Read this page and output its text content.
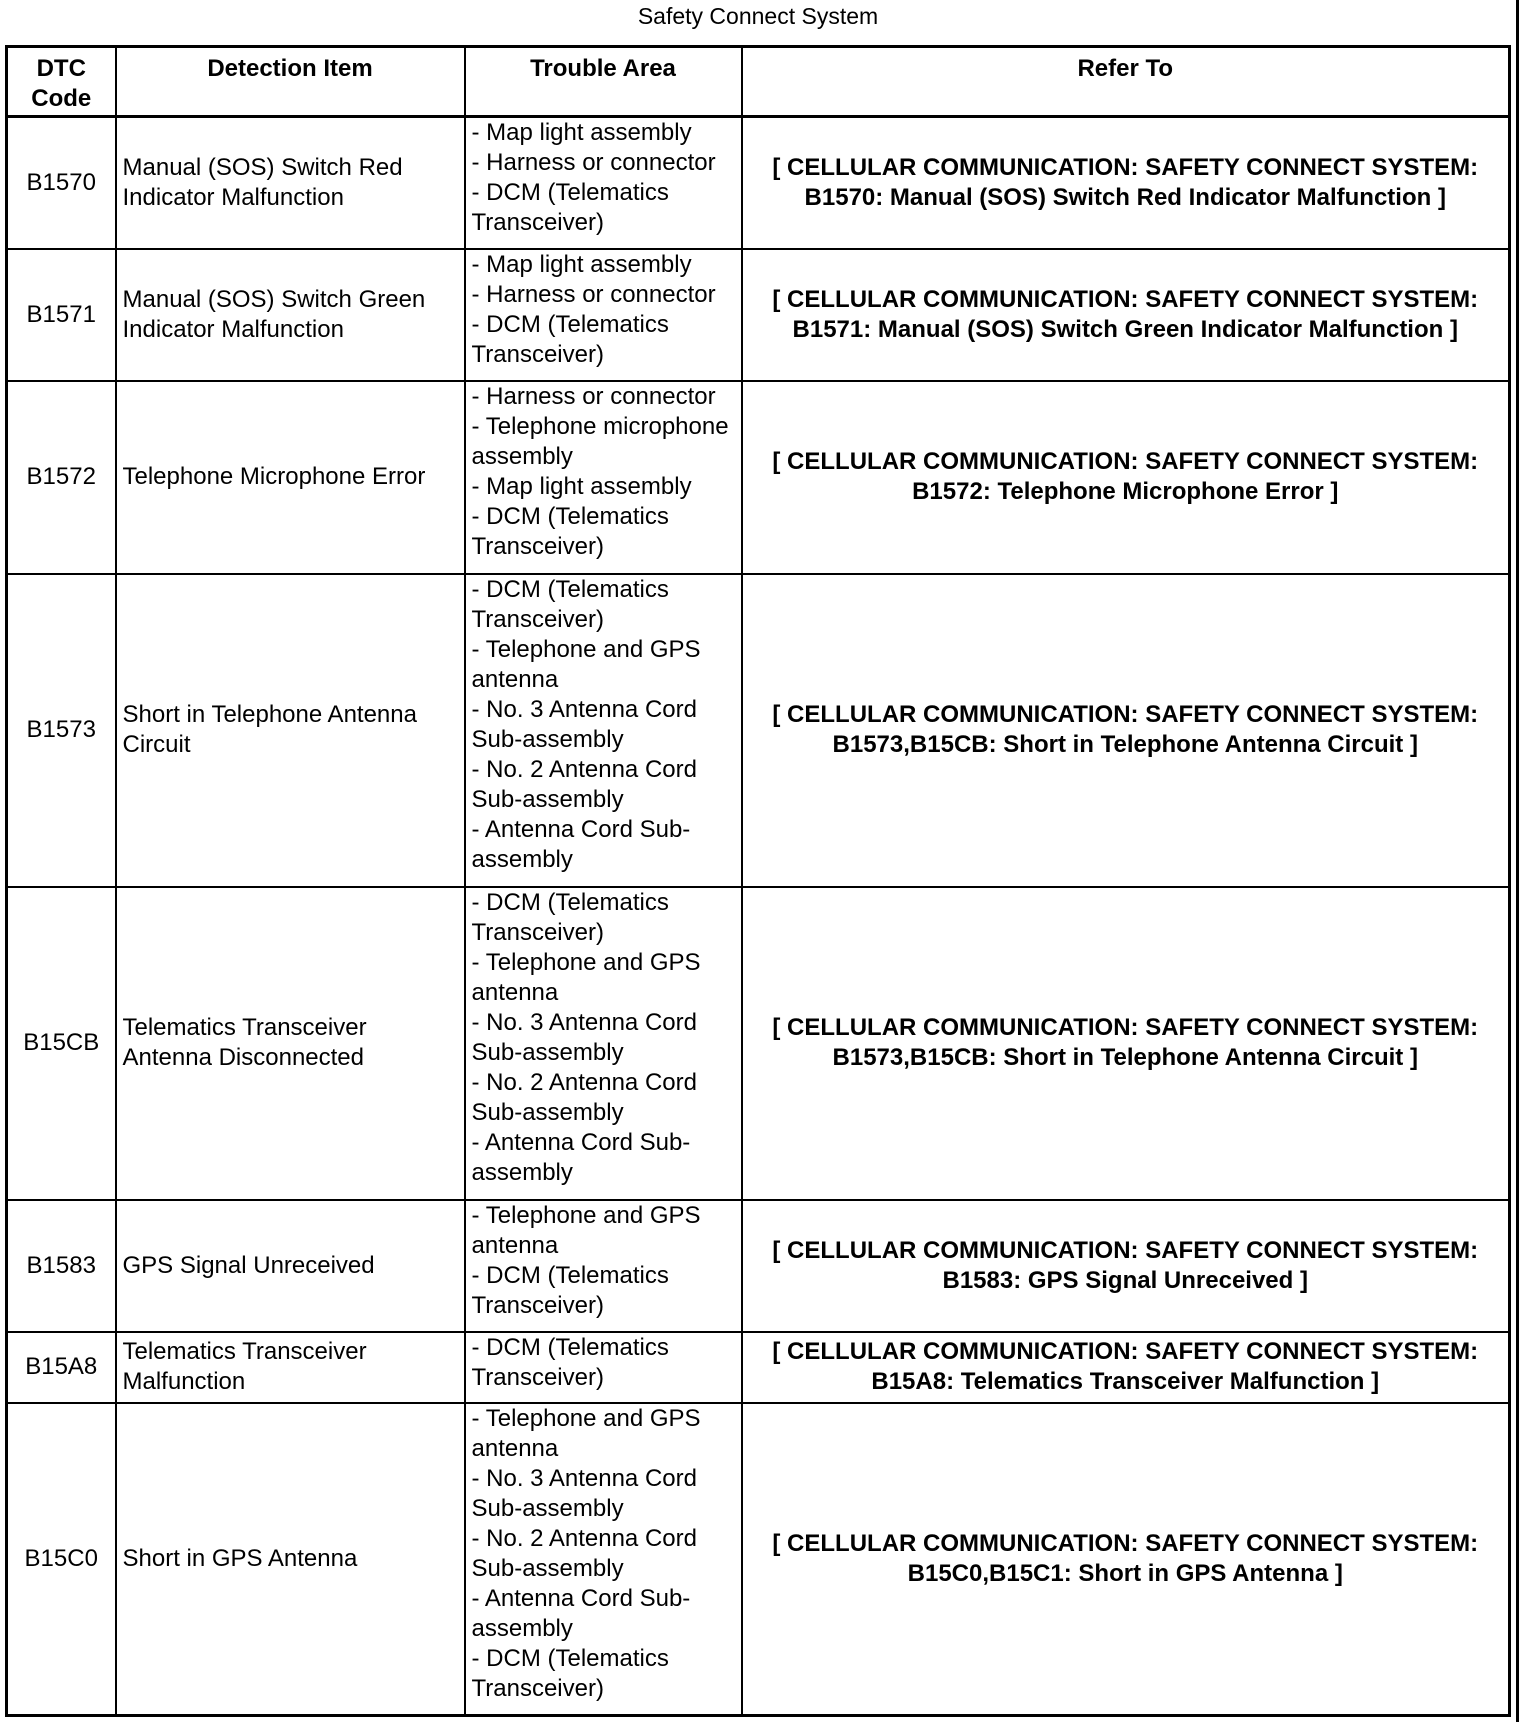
Safety Connect System
DTC Code	Detection Item	Trouble Area	Refer To
B1570	Manual (SOS) Switch Red Indicator Malfunction	- Map light assembly
- Harness or connector
- DCM (Telematics Transceiver)	[ CELLULAR COMMUNICATION: SAFETY CONNECT SYSTEM: B1570: Manual (SOS) Switch Red Indicator Malfunction ]
B1571	Manual (SOS) Switch Green Indicator Malfunction	- Map light assembly
- Harness or connector
- DCM (Telematics Transceiver)	[ CELLULAR COMMUNICATION: SAFETY CONNECT SYSTEM: B1571: Manual (SOS) Switch Green Indicator Malfunction ]
B1572	Telephone Microphone Error	- Harness or connector
- Telephone microphone assembly
- Map light assembly
- DCM (Telematics Transceiver)	[ CELLULAR COMMUNICATION: SAFETY CONNECT SYSTEM: B1572: Telephone Microphone Error ]
B1573	Short in Telephone Antenna Circuit	- DCM (Telematics Transceiver)
- Telephone and GPS antenna
- No. 3 Antenna Cord Sub-assembly
- No. 2 Antenna Cord Sub-assembly
- Antenna Cord Sub-assembly	[ CELLULAR COMMUNICATION: SAFETY CONNECT SYSTEM: B1573,B15CB: Short in Telephone Antenna Circuit ]
B15CB	Telematics Transceiver Antenna Disconnected	- DCM (Telematics Transceiver)
- Telephone and GPS antenna
- No. 3 Antenna Cord Sub-assembly
- No. 2 Antenna Cord Sub-assembly
- Antenna Cord Sub-assembly	[ CELLULAR COMMUNICATION: SAFETY CONNECT SYSTEM: B1573,B15CB: Short in Telephone Antenna Circuit ]
B1583	GPS Signal Unreceived	- Telephone and GPS antenna
- DCM (Telematics Transceiver)	[ CELLULAR COMMUNICATION: SAFETY CONNECT SYSTEM: B1583: GPS Signal Unreceived ]
B15A8	Telematics Transceiver Malfunction	- DCM (Telematics Transceiver)	[ CELLULAR COMMUNICATION: SAFETY CONNECT SYSTEM: B15A8: Telematics Transceiver Malfunction ]
B15C0	Short in GPS Antenna	- Telephone and GPS antenna
- No. 3 Antenna Cord Sub-assembly
- No. 2 Antenna Cord Sub-assembly
- Antenna Cord Sub-assembly
- DCM (Telematics Transceiver)	[ CELLULAR COMMUNICATION: SAFETY CONNECT SYSTEM: B15C0,B15C1: Short in GPS Antenna ]
